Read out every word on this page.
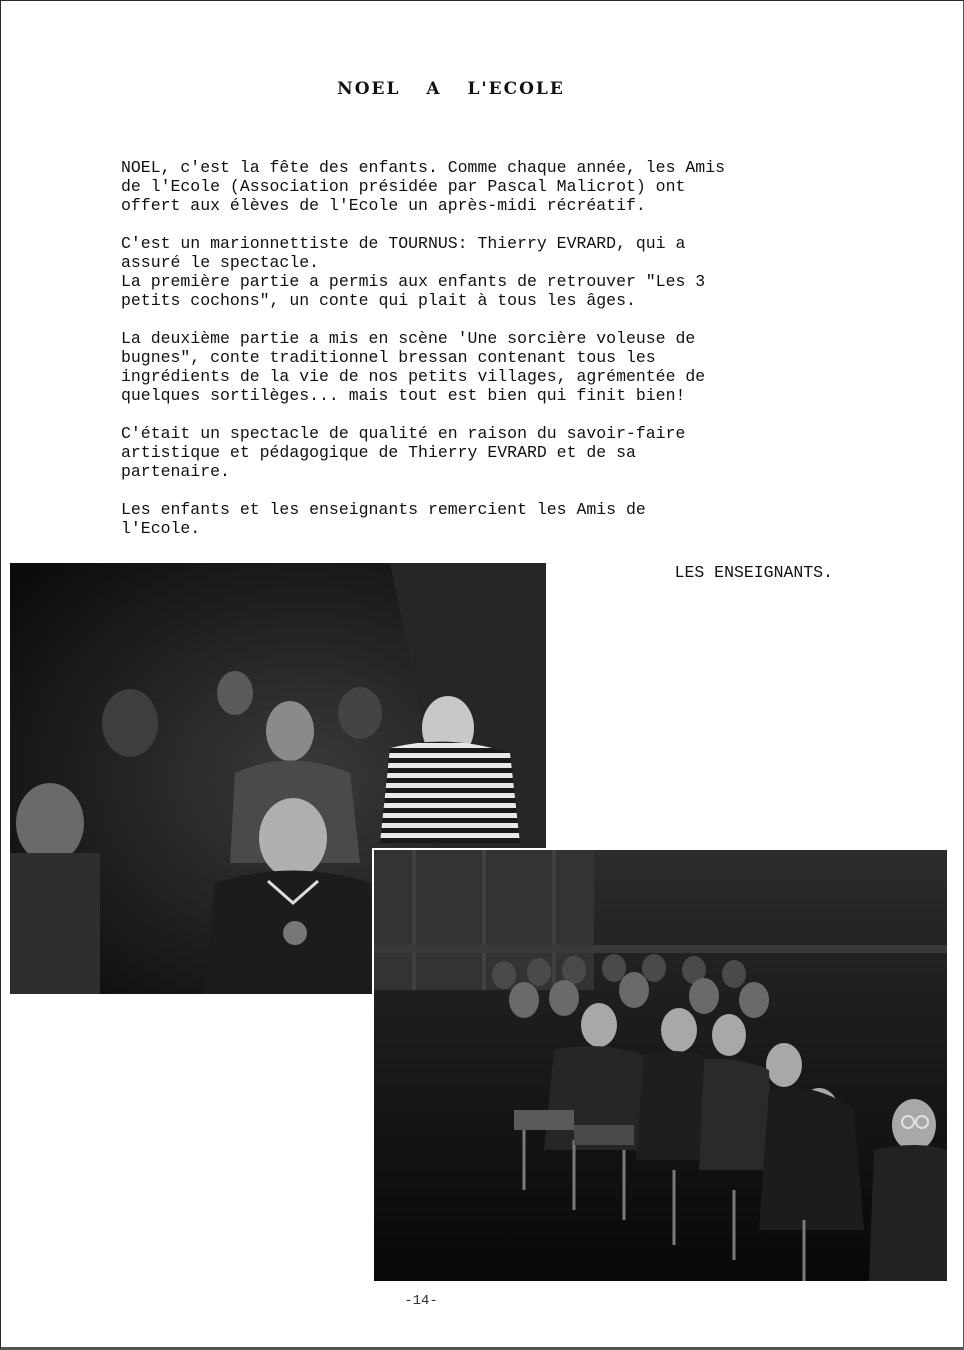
NOEL A L'ECOLE

NOEL, c'est la fête des enfants. Comme chaque année, les Amis
de l'Ecole (Association présidée par Pascal Malicrot) ont
offert aux élèves de l'Ecole un après-midi récréatif.

C'est un marionnettiste de TOURNUS: Thierry EVRARD, qui a
assuré le spectacle.
La première partie a permis aux enfants de retrouver "Les 3
petits cochons", un conte qui plait à tous les âges.

La deuxième partie a mis en scène 'Une sorcière voleuse de
bugnes", conte traditionnel bressan contenant tous les
ingrédients de la vie de nos petits villages, agrémentée de
quelques sortilèges... mais tout est bien qui finit bien!

C'était un spectacle de qualité en raison du savoir-faire
artistique et pédagogique de Thierry EVRARD et de sa
partenaire.

Les enfants et les enseignants remercient les Amis de
l'Ecole.

LES ENSEIGNANTS.
-14-
